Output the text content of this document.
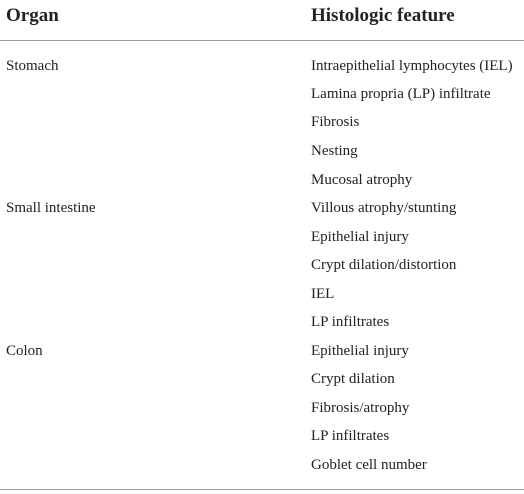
Organ	Histologic feature
Stomach	Intraepithelial lymphocytes (IEL)
Lamina propria (LP) infiltrate
Fibrosis
Nesting
Mucosal atrophy
Small intestine	Villous atrophy/stunting
Epithelial injury
Crypt dilation/distortion
IEL
LP infiltrates
Colon	Epithelial injury
Crypt dilation
Fibrosis/atrophy
LP infiltrates
Goblet cell number
